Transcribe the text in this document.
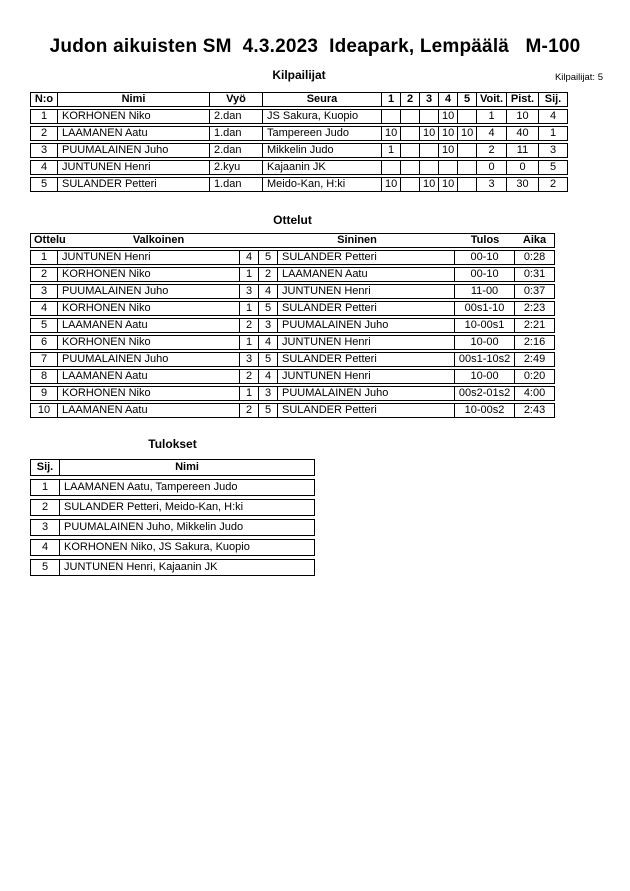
Judon aikuisten SM  4.3.2023  Ideapark, Lempäälä   M-100
Kilpailijat	Kilpailijat: 5
N:o	Nimi	Vyö	Seura	1	2	3	4	5	Voit.	Pist.	Sij.
1	KORHONEN Niko	2.dan	JS Sakura, Kuopio				10		1	10	4
2	LAAMANEN Aatu	1.dan	Tampereen Judo	10		10	10	10	4	40	1
3	PUUMALAINEN Juho	2.dan	Mikkelin Judo	1			10		2	11	3
4	JUNTUNEN Henri	2.kyu	Kajaanin JK						0	0	5
5	SULANDER Petteri	1.dan	Meido-Kan, H:ki	10		10	10		3	30	2
Ottelut
Ottelu	Valkoinen		Sininen		Tulos	Aika
1	JUNTUNEN Henri	4	5	SULANDER Petteri	00-10	0:28
2	KORHONEN Niko	1	2	LAAMANEN Aatu	00-10	0:31
3	PUUMALAINEN Juho	3	4	JUNTUNEN Henri	11-00	0:37
4	KORHONEN Niko	1	5	SULANDER Petteri	00s1-10	2:23
5	LAAMANEN Aatu	2	3	PUUMALAINEN Juho	10-00s1	2:21
6	KORHONEN Niko	1	4	JUNTUNEN Henri	10-00	2:16
7	PUUMALAINEN Juho	3	5	SULANDER Petteri	00s1-10s2	2:49
8	LAAMANEN Aatu	2	4	JUNTUNEN Henri	10-00	0:20
9	KORHONEN Niko	1	3	PUUMALAINEN Juho	00s2-01s2	4:00
10	LAAMANEN Aatu	2	5	SULANDER Petteri	10-00s2	2:43
Tulokset
Sij.	Nimi
1	LAAMANEN Aatu, Tampereen Judo
2	SULANDER Petteri, Meido-Kan, H:ki
3	PUUMALAINEN Juho, Mikkelin Judo
4	KORHONEN Niko, JS Sakura, Kuopio
5	JUNTUNEN Henri, Kajaanin JK
